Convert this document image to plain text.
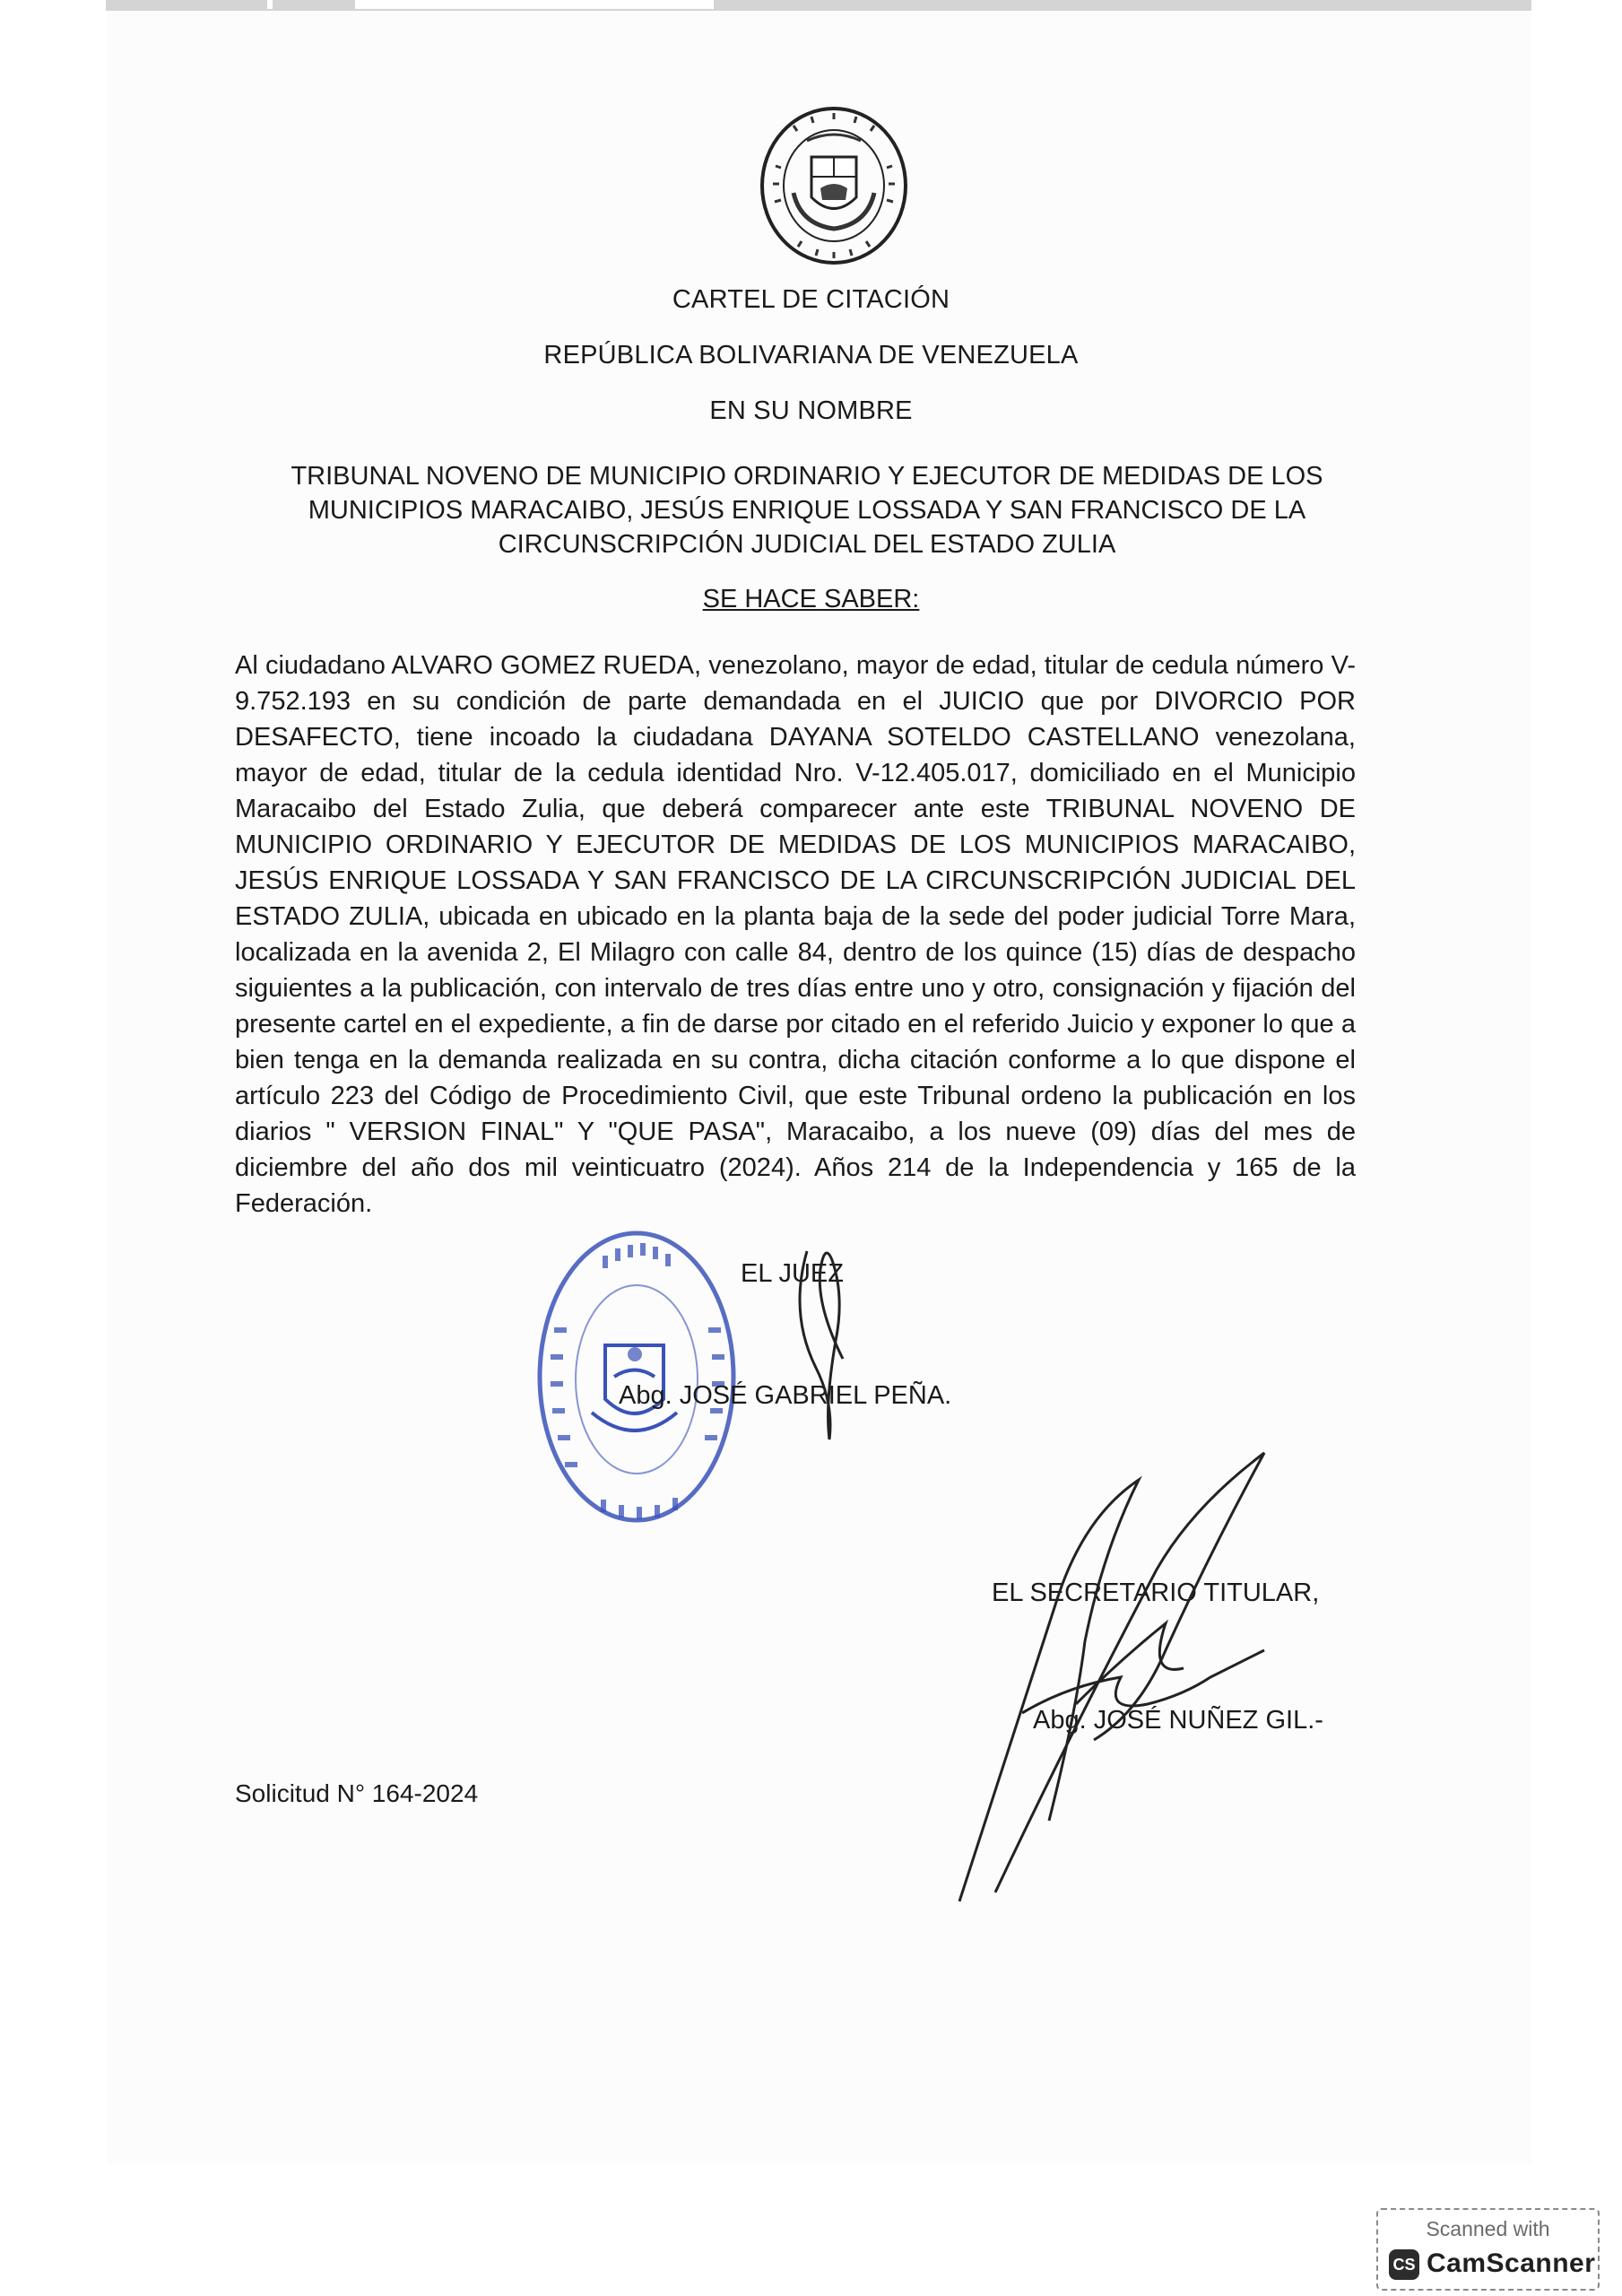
CARTEL DE CITACIÓN
REPÚBLICA BOLIVARIANA DE VENEZUELA
EN SU NOMBRE
TRIBUNAL NOVENO DE MUNICIPIO ORDINARIO Y EJECUTOR DE MEDIDAS DE LOS
MUNICIPIOS MARACAIBO, JESÚS ENRIQUE LOSSADA Y SAN FRANCISCO DE LA
CIRCUNSCRIPCIÓN JUDICIAL DEL ESTADO ZULIA
SE HACE SABER:
Al ciudadano ALVARO GOMEZ RUEDA, venezolano, mayor de edad, titular de cedula número V-9.752.193 en su condición de parte demandada en el JUICIO que por DIVORCIO POR DESAFECTO, tiene incoado la ciudadana DAYANA SOTELDO CASTELLANO venezolana, mayor de edad, titular de la cedula identidad Nro. V-12.405.017, domiciliado en el Municipio Maracaibo del Estado Zulia, que deberá comparecer ante este TRIBUNAL NOVENO DE MUNICIPIO ORDINARIO Y EJECUTOR DE MEDIDAS DE LOS MUNICIPIOS MARACAIBO, JESÚS ENRIQUE LOSSADA Y SAN FRANCISCO DE LA CIRCUNSCRIPCIÓN JUDICIAL DEL ESTADO ZULIA, ubicada en ubicado en la planta baja de la sede del poder judicial Torre Mara, localizada en la avenida 2, El Milagro con calle 84, dentro de los quince (15) días de despacho siguientes a la publicación, con intervalo de tres días entre uno y otro, consignación y fijación del presente cartel en el expediente, a fin de darse por citado en el referido Juicio y exponer lo que a bien tenga en la demanda realizada en su contra, dicha citación conforme a lo que dispone el artículo 223 del Código de Procedimiento Civil, que este Tribunal ordeno la publicación en los diarios " VERSION FINAL" Y "QUE PASA", Maracaibo, a los nueve (09) días del mes de diciembre del año dos mil veinticuatro (2024). Años 214 de la Independencia y 165 de la Federación.
EL JUEZ
Abg. JOSÉ GABRIEL PEÑA.
EL SECRETARIO TITULAR,
Abg. JOSÉ NUÑEZ GIL.-
Solicitud N° 164-2024
Scanned with
CS CamScanner
